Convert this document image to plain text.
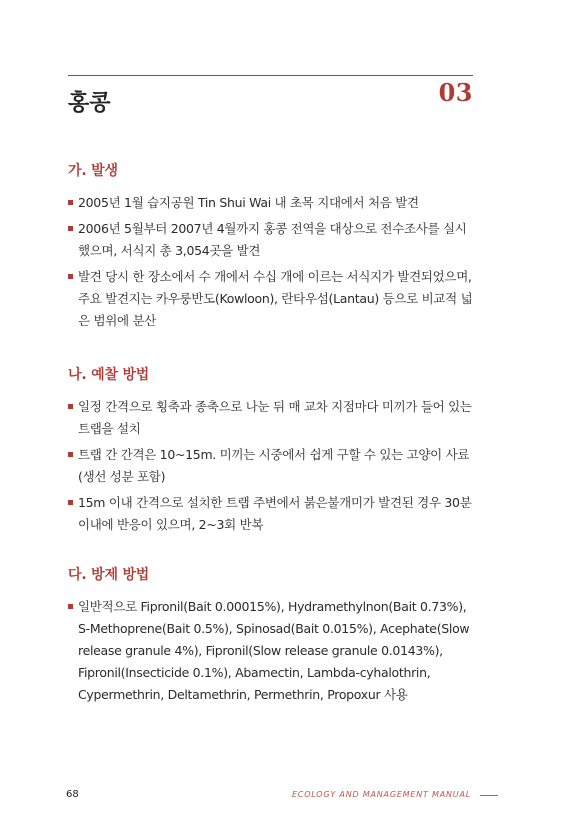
03
홍콩
가. 발생
2005년 1월 습지공원 Tin Shui Wai 내 초목 지대에서 처음 발견
2006년 5월부터 2007년 4월까지 홍콩 전역을 대상으로 전수조사를 실시했으며, 서식지 총 3,054곳을 발견
발견 당시 한 장소에서 수 개에서 수십 개에 이르는 서식지가 발견되었으며, 주요 발견지는 카우룽반도(Kowloon), 란타우섬(Lantau) 등으로 비교적 넓은 범위에 분산
나. 예찰 방법
일정 간격으로 횡축과 종축으로 나눈 뒤 매 교차 지점마다 미끼가 들어 있는 트랩을 설치
트랩 간 간격은 10~15m. 미끼는 시중에서 쉽게 구할 수 있는 고양이 사료(생선 성분 포함)
15m 이내 간격으로 설치한 트랩 주변에서 붉은불개미가 발견된 경우 30분 이내에 반응이 있으며, 2~3회 반복
다. 방제 방법
일반적으로 Fipronil(Bait 0.00015%), Hydramethylnon(Bait 0.73%), S-Methoprene(Bait 0.5%), Spinosad(Bait 0.015%), Acephate(Slow release granule 4%), Fipronil(Slow release granule 0.0143%), Fipronil(Insecticide 0.1%), Abamectin, Lambda-cyhalothrin, Cypermethrin, Deltamethrin, Permethrin, Propoxur 사용
68	ECOLOGY AND MANAGEMENT MANUAL
